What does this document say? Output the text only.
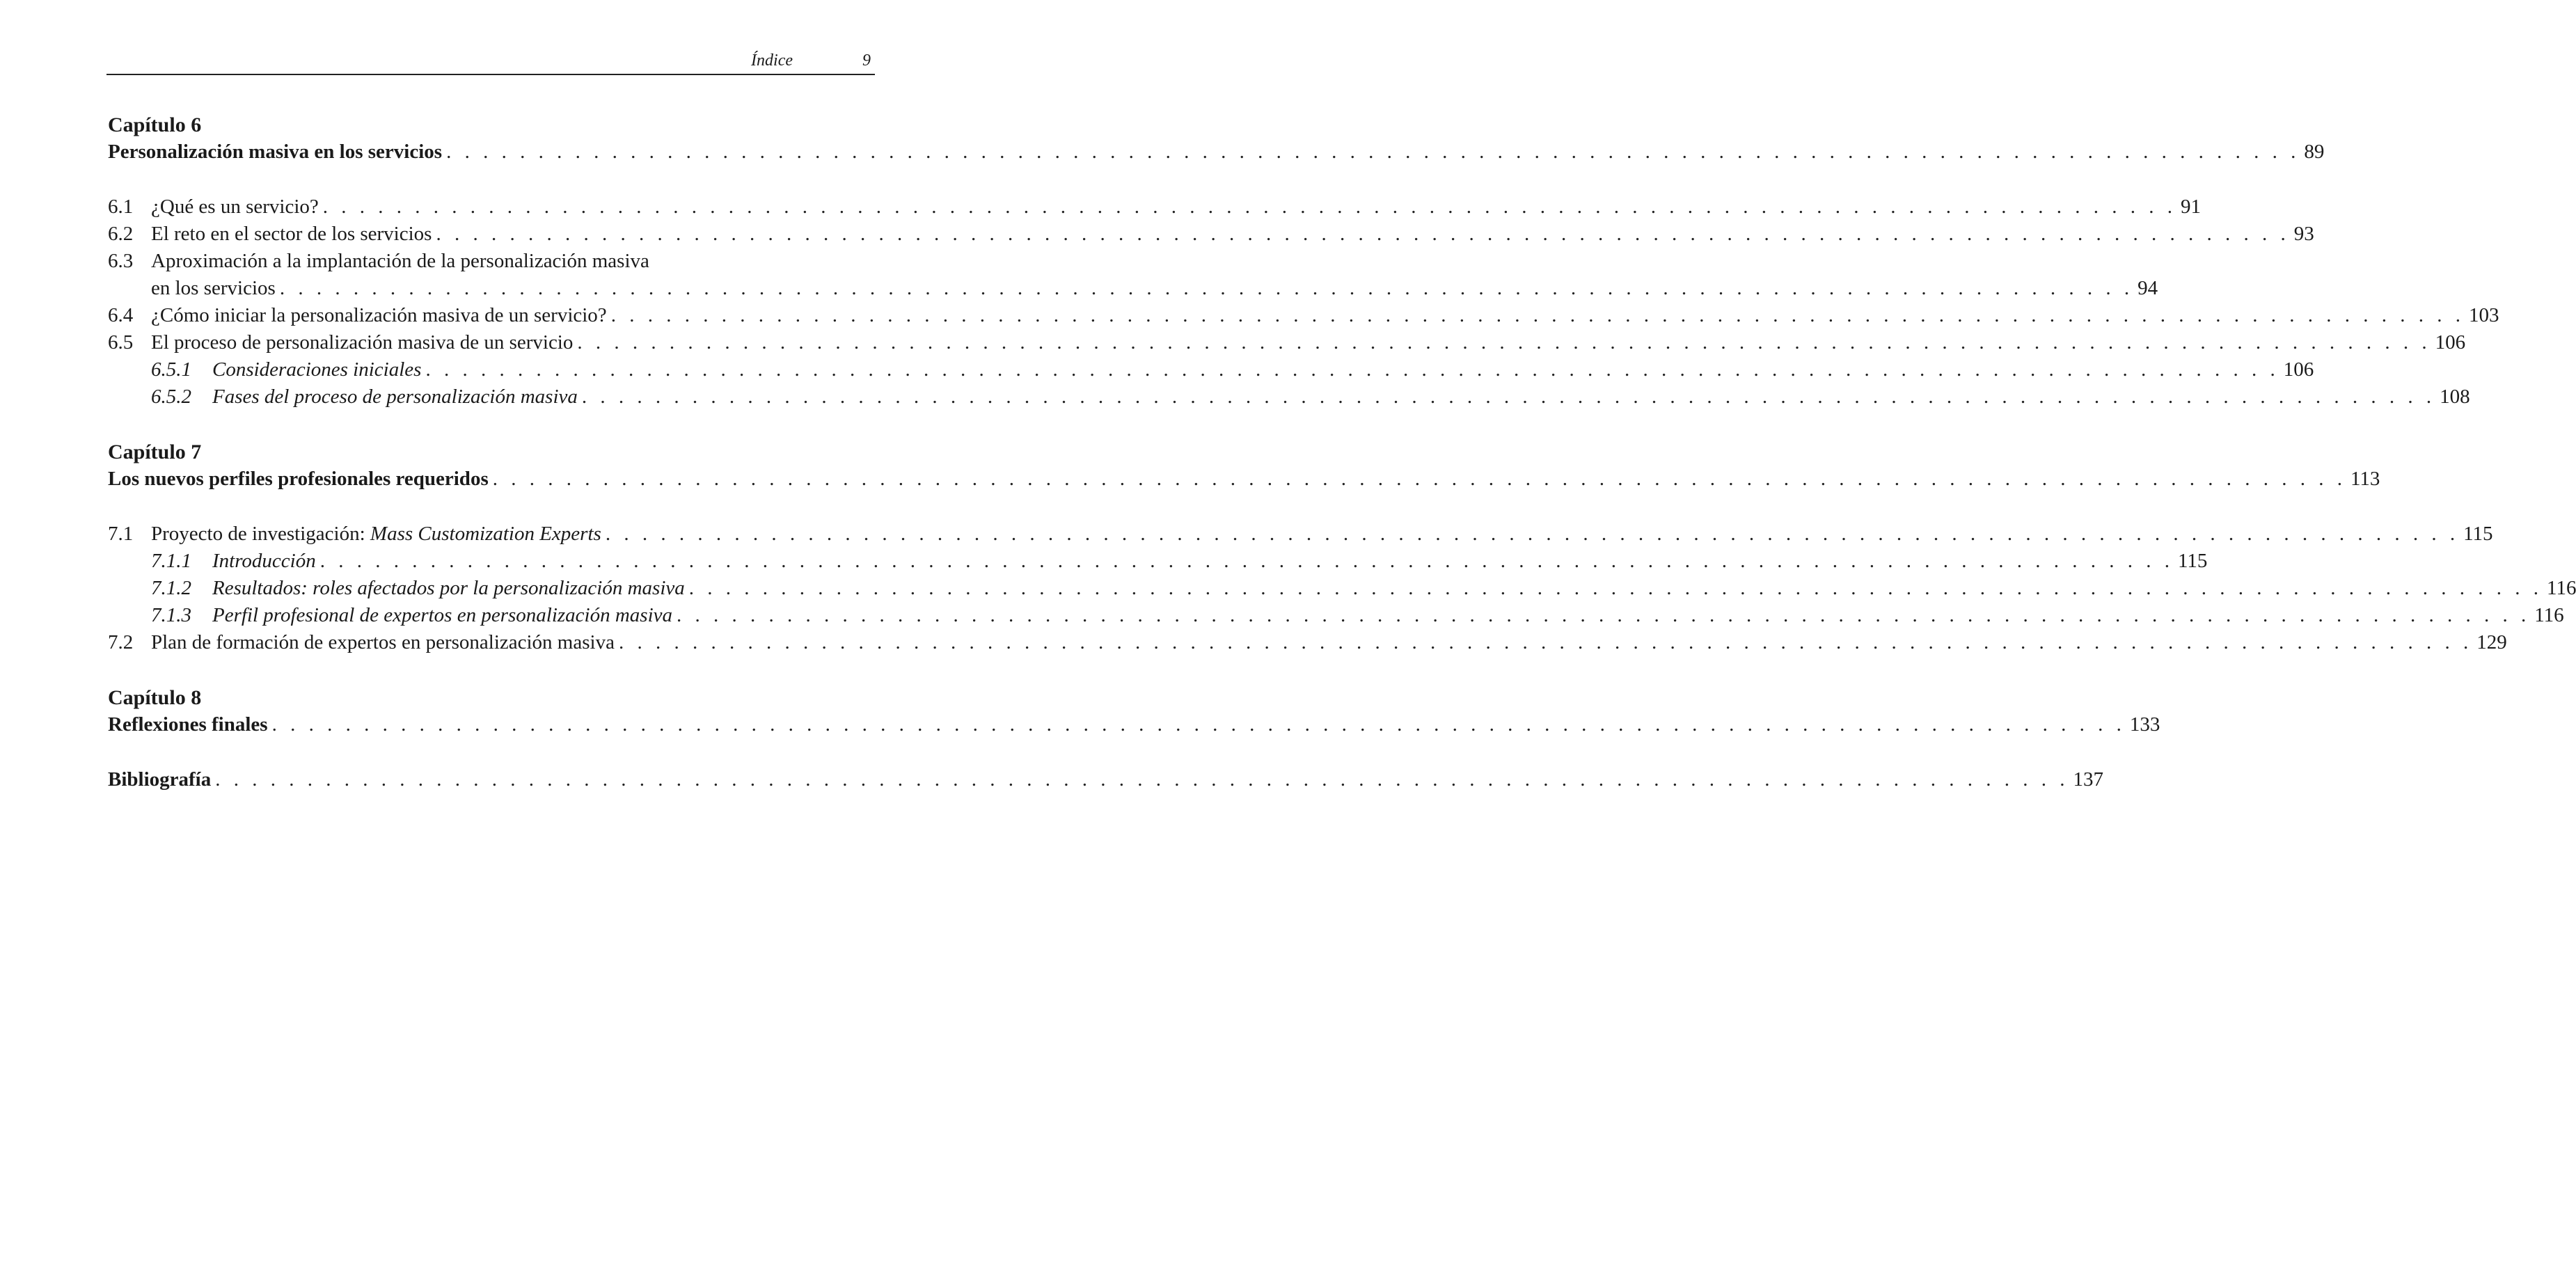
Índice	9
Capítulo 6
Personalización masiva en los servicios . . . . . . . . . . . . . . . . . . . . . . . . . . . . . . . . . . . . . . . . . . . . . . . . . . . . . . . . . . . . . . . . . . . . . . . . . . . . . . . . . . . . . . . . . . . . . . . . . . . . . 89
6.1 ¿Qué es un servicio? . . . . . . . . . . . . . . . . . . . . . . . . . . . . . . . . . . . . . . . . . . . . . . . . . . . . . . . . . . . . . . . . . . . . . . . . . . . . . . . . . . . . . . . . . . . . . . . . . . . . . 91
6.2 El reto en el sector de los servicios . . . . . . . . . . . . . . . . . . . . . . . . . . . . . . . . . . . . . . . . . . . . . . . . . . . . . . . . . . . . . . . . . . . . . . . . . . . . . . . . . . . . . . . . . . . . . . . . . . . . . 93
6.3 Aproximación a la implantación de la personalización masiva
en los servicios . . . . . . . . . . . . . . . . . . . . . . . . . . . . . . . . . . . . . . . . . . . . . . . . . . . . . . . . . . . . . . . . . . . . . . . . . . . . . . . . . . . . . . . . . . . . . . . . . . . . . 94
6.4 ¿Cómo iniciar la personalización masiva de un servicio? . . . . . . . . . . . . . . . . . . . . . . . . . . . . . . . . . . . . . . . . . . . . . . . . . . . . . . . . . . . . . . . . . . . . . . . . . . . . . . . . . . . . . . . . . . . . . . . . . . . . . 103
6.5 El proceso de personalización masiva de un servicio . . . . . . . . . . . . . . . . . . . . . . . . . . . . . . . . . . . . . . . . . . . . . . . . . . . . . . . . . . . . . . . . . . . . . . . . . . . . . . . . . . . . . . . . . . . . . . . . . . . . . 106
6.5.1 Consideraciones iniciales . . . . . . . . . . . . . . . . . . . . . . . . . . . . . . . . . . . . . . . . . . . . . . . . . . . . . . . . . . . . . . . . . . . . . . . . . . . . . . . . . . . . . . . . . . . . . . . . . . . . . 106
6.5.2 Fases del proceso de personalización masiva . . . . . . . . . . . . . . . . . . . . . . . . . . . . . . . . . . . . . . . . . . . . . . . . . . . . . . . . . . . . . . . . . . . . . . . . . . . . . . . . . . . . . . . . . . . . . . . . . . . . . 108
Capítulo 7
Los nuevos perfiles profesionales requeridos . . . . . . . . . . . . . . . . . . . . . . . . . . . . . . . . . . . . . . . . . . . . . . . . . . . . . . . . . . . . . . . . . . . . . . . . . . . . . . . . . . . . . . . . . . . . . . . . . . . . . 113
7.1 Proyecto de investigación: Mass Customization Experts . . . . . . . . . . . . . . . . . . . . . . . . . . . . . . . . . . . . . . . . . . . . . . . . . . . . . . . . . . . . . . . . . . . . . . . . . . . . . . . . . . . . . . . . . . . . . . . . . . . . . 115
7.1.1 Introducción . . . . . . . . . . . . . . . . . . . . . . . . . . . . . . . . . . . . . . . . . . . . . . . . . . . . . . . . . . . . . . . . . . . . . . . . . . . . . . . . . . . . . . . . . . . . . . . . . . . . . 115
7.1.2 Resultados: roles afectados por la personalización masiva . . . . . . . . . . . . . . . . . . . . . . . . . . . . . . . . . . . . . . . . . . . . . . . . . . . . . . . . . . . . . . . . . . . . . . . . . . . . . . . . . . . . . . . . . . . . . . . . . . . . . 116
7.1.3 Perfil profesional de expertos en personalización masiva . . . . . . . . . . . . . . . . . . . . . . . . . . . . . . . . . . . . . . . . . . . . . . . . . . . . . . . . . . . . . . . . . . . . . . . . . . . . . . . . . . . . . . . . . . . . . . . . . . . . . 116
7.2 Plan de formación de expertos en personalización masiva . . . . . . . . . . . . . . . . . . . . . . . . . . . . . . . . . . . . . . . . . . . . . . . . . . . . . . . . . . . . . . . . . . . . . . . . . . . . . . . . . . . . . . . . . . . . . . . . . . . . . 129
Capítulo 8
Reflexiones finales . . . . . . . . . . . . . . . . . . . . . . . . . . . . . . . . . . . . . . . . . . . . . . . . . . . . . . . . . . . . . . . . . . . . . . . . . . . . . . . . . . . . . . . . . . . . . . . . . . . . . 133
Bibliografía . . . . . . . . . . . . . . . . . . . . . . . . . . . . . . . . . . . . . . . . . . . . . . . . . . . . . . . . . . . . . . . . . . . . . . . . . . . . . . . . . . . . . . . . . . . . . . . . . . . . . 137
